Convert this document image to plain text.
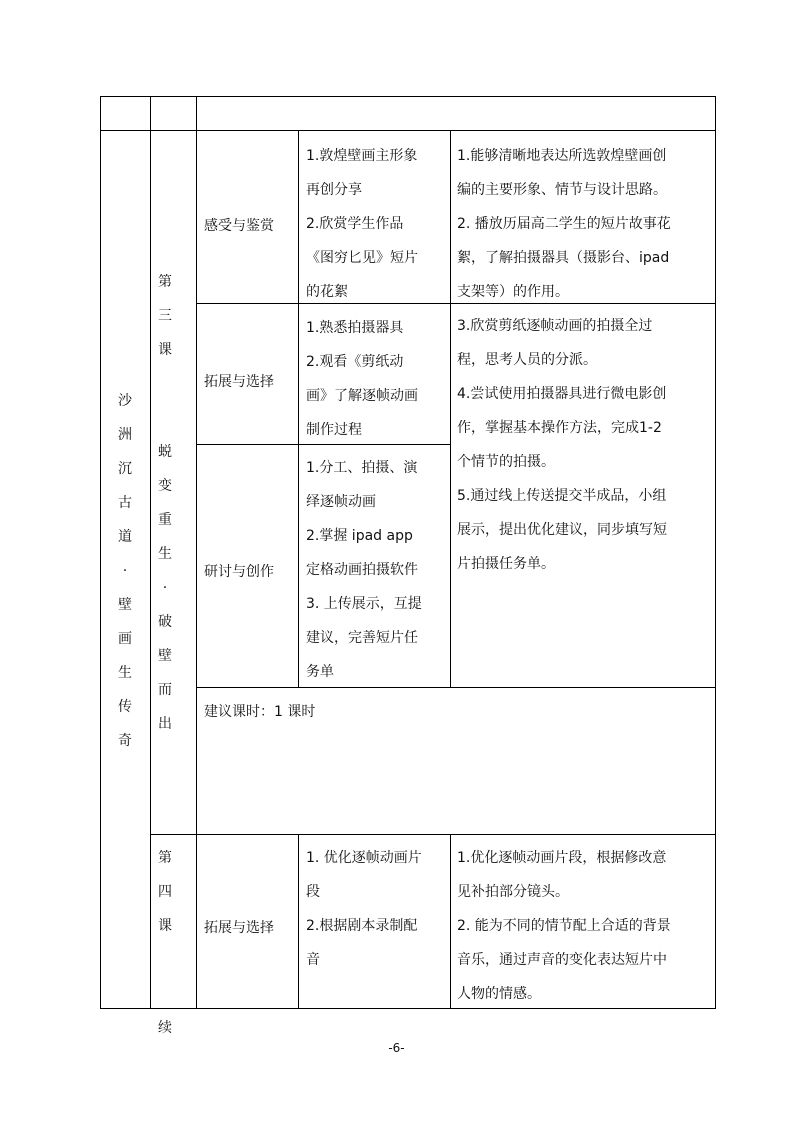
沙
洲
沉
古
道
·
壁
画
生
传
奇
第
三
课

蜕
变
重
生
·
破
壁
而
出
感受与鉴赏

1.敦煌壁画主形象

再创分享

2.欣赏学生作品

《图穷匕见》短片

的花絮

拓展与选择

1.熟悉拍摄器具

2.观看《剪纸动

画》了解逐帧动画

制作过程

研讨与创作

1.分工、拍摄、演

绎逐帧动画

2.掌握 ipad app

定格动画拍摄软件

3. 上传展示，互提

建议，完善短片任

务单

1.能够清晰地表达所选敦煌壁画创

编的主要形象、情节与设计思路。

2. 播放历届高二学生的短片故事花

絮，了解拍摄器具（摄影台、ipad

支架等）的作用。

3.欣赏剪纸逐帧动画的拍摄全过

程，思考人员的分派。

4.尝试使用拍摄器具进行微电影创

作，掌握基本操作方法，完成1-2

个情节的拍摄。

5.通过线上传送提交半成品，小组

展示，提出优化建议，同步填写短

片拍摄任务单。

建议课时：1 课时
第
四
课

续
拓展与选择

1. 优化逐帧动画片

段

2.根据剧本录制配

音

1.优化逐帧动画片段，根据修改意

见补拍部分镜头。

2. 能为不同的情节配上合适的背景

音乐，通过声音的变化表达短片中

人物的情感。

-6-
